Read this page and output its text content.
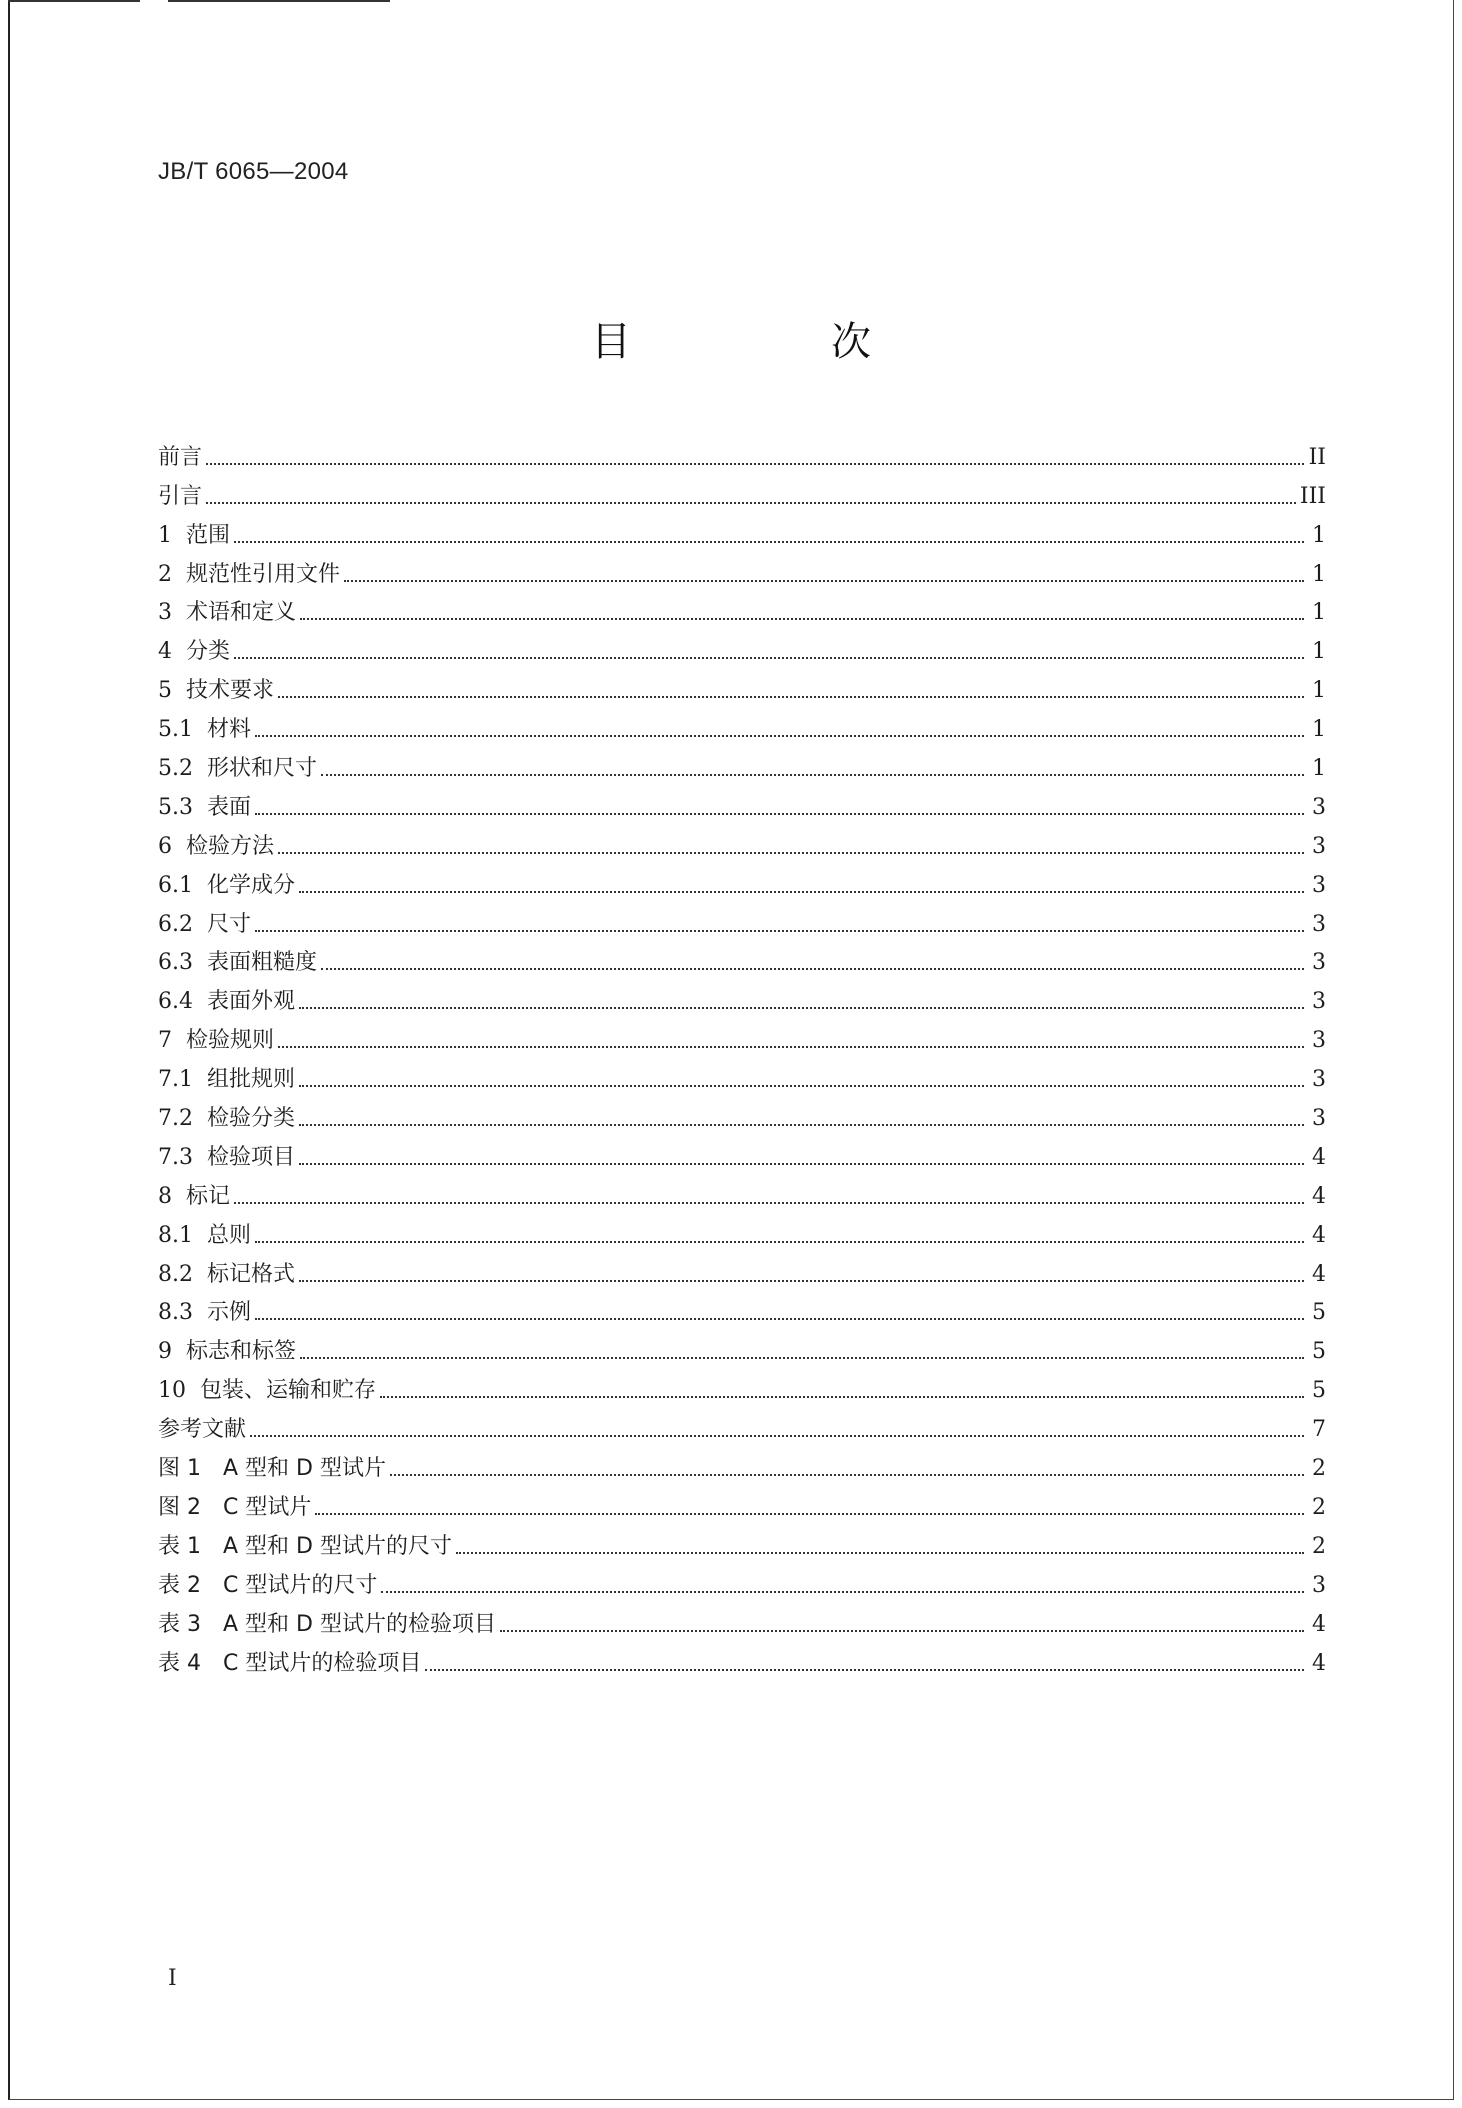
JB/T 6065—2004
目　次
前言	II
引言	III
1 范围	1
2 规范性引用文件	1
3 术语和定义	1
4 分类	1
5 技术要求	1
5.1 材料	1
5.2 形状和尺寸	1
5.3 表面	3
6 检验方法	3
6.1 化学成分	3
6.2 尺寸	3
6.3 表面粗糙度	3
6.4 表面外观	3
7 检验规则	3
7.1 组批规则	3
7.2 检验分类	3
7.3 检验项目	4
8 标记	4
8.1 总则	4
8.2 标记格式	4
8.3 示例	5
9 标志和标签	5
10 包装、运输和贮存	5
参考文献	7
图 1　A 型和 D 型试片	2
图 2　C 型试片	2
表 1　A 型和 D 型试片的尺寸	2
表 2　C 型试片的尺寸	3
表 3　A 型和 D 型试片的检验项目	4
表 4　C 型试片的检验项目	4
I
